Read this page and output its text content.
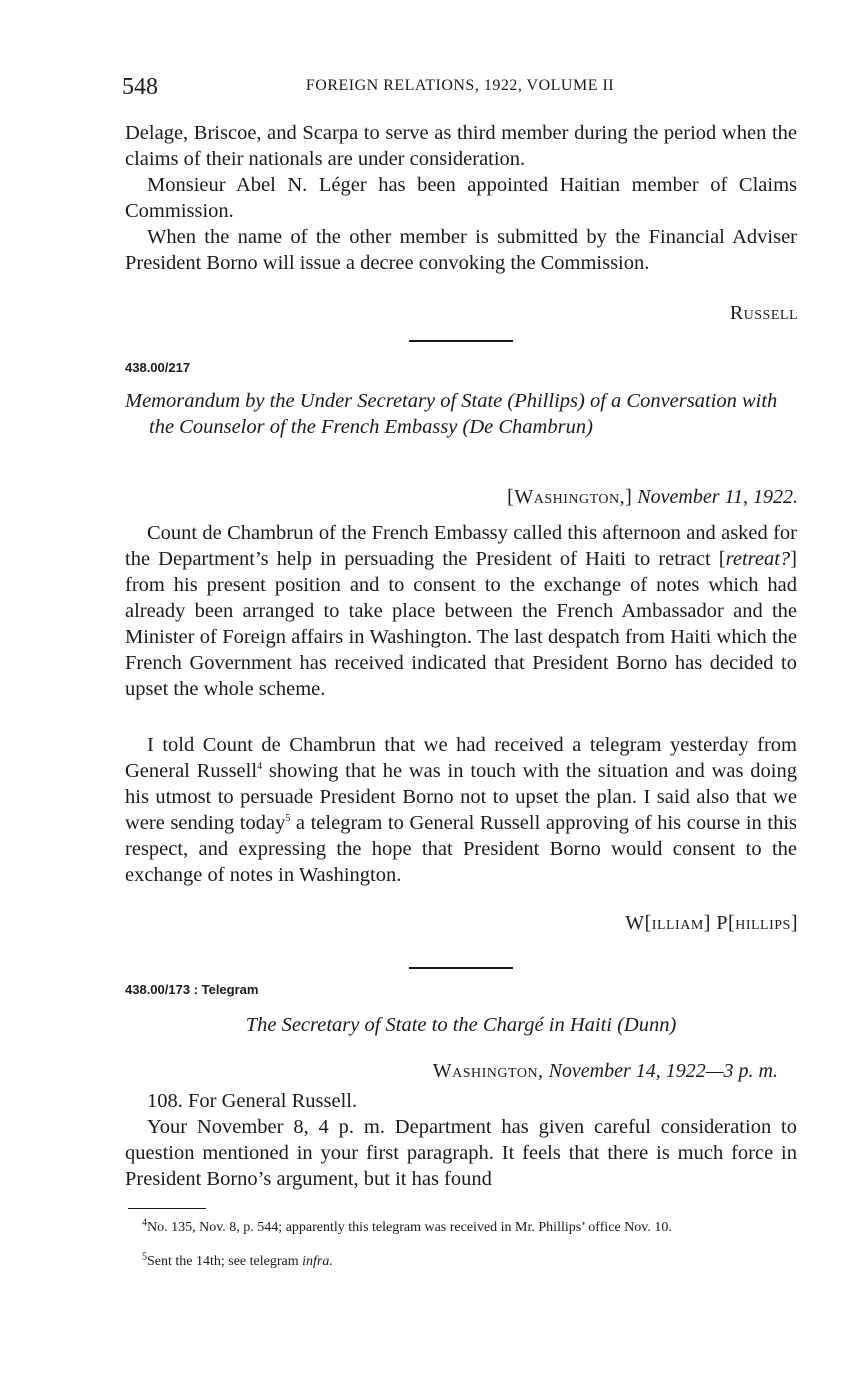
548	FOREIGN RELATIONS, 1922, VOLUME II

Delage, Briscoe, and Scarpa to serve as third member during the period when the claims of their nationals are under consideration.

Monsieur Abel N. Léger has been appointed Haitian member of Claims Commission.

When the name of the other member is submitted by the Financial Adviser President Borno will issue a decree convoking the Commission.

Russell
438.00/217

Memorandum by the Under Secretary of State (Phillips) of a Conversation with the Counselor of the French Embassy (De Chambrun)

[Washington,] November 11, 1922.

Count de Chambrun of the French Embassy called this afternoon and asked for the Department’s help in persuading the President of Haiti to retract [retreat?] from his present position and to consent to the exchange of notes which had already been arranged to take place between the French Ambassador and the Minister of Foreign affairs in Washington. The last despatch from Haiti which the French Government has received indicated that President Borno has decided to upset the whole scheme.

I told Count de Chambrun that we had received a telegram yesterday from General Russell$^4$ showing that he was in touch with the situation and was doing his utmost to persuade President Borno not to upset the plan. I said also that we were sending today$^5$ a telegram to General Russell approving of his course in this respect, and expressing the hope that President Borno would consent to the exchange of notes in Washington.

W[illiam] P[hillips]
438.00/173 : Telegram

The Secretary of State to the Chargé in Haiti (Dunn)

Washington, November 14, 1922—3 p. m.

108. For General Russell.

Your November 8, 4 p. m. Department has given careful consideration to question mentioned in your first paragraph. It feels that there is much force in President Borno’s argument, but it has found

$^4$No. 135, Nov. 8, p. 544; apparently this telegram was received in Mr. Phillips’ office Nov. 10.

$^5$Sent the 14th; see telegram infra.
